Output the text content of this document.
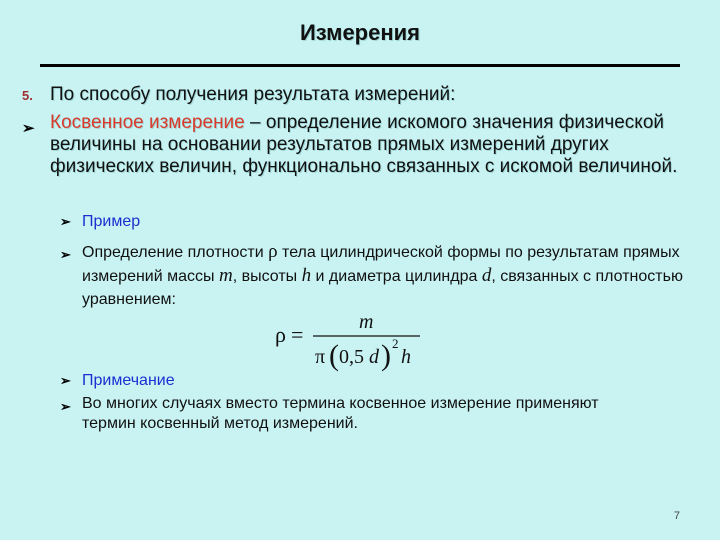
Измерения
5. По способу получения результата измерений:
➢ Косвенное измерение – определение искомого значения физической величины на основании результатов прямых измерений других физических величин, функционально связанных с искомой величиной.
➢ Пример
➢ Определение плотности ρ тела цилиндрической формы по результатам прямых измерений массы m, высоты h и диаметра цилиндра d, связанных с плотностью уравнением:
ρ =	m
π ( 0,5 d ) 2
h
➢ Примечание
➢ Во многих случаях вместо термина косвенное измерение применяют термин косвенный метод измерений.
7
